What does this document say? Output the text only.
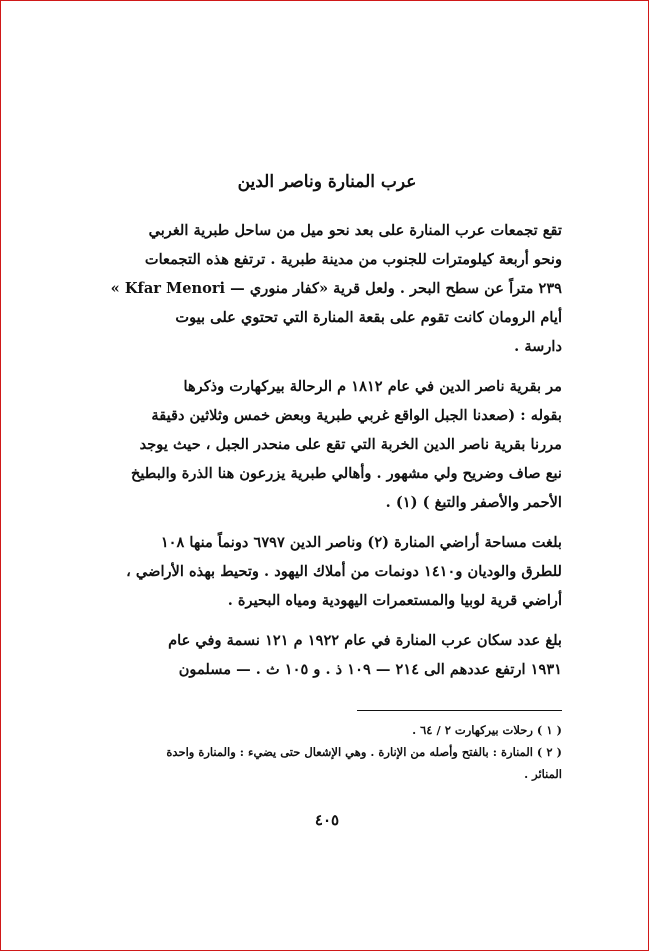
عرب المنارة وناصر الدين

تقع تجمعات عرب المنارة على بعد نحو ميل من ساحل طبرية الغربي
ونحو أربعة كيلومترات للجنوب من مدينة طبرية . ترتفع هذه التجمعات
٢٣٩ متراً عن سطح البحر . ولعل قرية «كفار منوري — Kfar Menori »
أيام الرومان كانت تقوم على بقعة المنارة التي تحتوي على بيوت
دارسة .

مر بقرية ناصر الدين في عام ١٨١٢ م الرحالة بيركهارت وذكرها
بقوله : (صعدنا الجبل الواقع غربي طبرية وبعض خمس وثلاثين دقيقة
مررنا بقرية ناصر الدين الخربة التي تقع على منحدر الجبل ، حيث يوجد
نبع صاف وضريح ولي مشهور . وأهالي طبرية يزرعون هنا الذرة والبطيخ
الأحمر والأصفر والتبغ ) (١) .

بلغت مساحة أراضي المنارة (٢) وناصر الدين ٦٧٩٧ دونماً منها ١٠٨
للطرق والوديان و١٤١٠ دونمات من أملاك اليهود . وتحيط بهذه الأراضي ،
أراضي قرية لوبيا والمستعمرات اليهودية ومياه البحيرة .

بلغ عدد سكان عرب المنارة في عام ١٩٢٢ م ١٢١ نسمة وفي عام
١٩٣١ ارتفع عددهم الى ٢١٤ — ١٠٩ ذ . و ١٠٥ ث . — مسلمون

( ١ ) رحلات بيركهارت ٢ / ٦٤ .

( ٢ ) المنارة : بالفتح وأصله من الإنارة . وهي الإشعال حتى يضيء : والمنارة واحدة
المنائر .

٤٠٥
